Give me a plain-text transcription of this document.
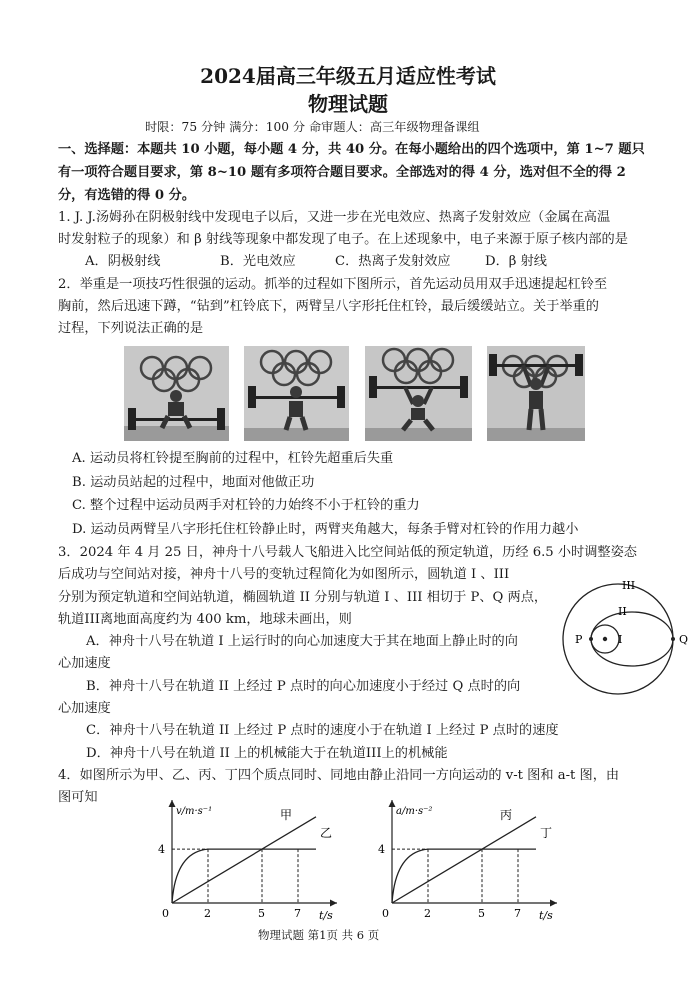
2024届高三年级五月适应性考试
物理试题
时限：75 分钟 满分：100 分 命审题人：高三年级物理备课组
一、选择题：本题共 10 小题，每小题 4 分，共 40 分。在每小题给出的四个选项中，第 1~7 题只
有一项符合题目要求，第 8~10 题有多项符合题目要求。全部选对的得 4 分，选对但不全的得 2
分，有选错的得 0 分。
1. J. J.汤姆孙在阴极射线中发现电子以后，又进一步在光电效应、热离子发射效应（金属在高温
时发射粒子的现象）和 β 射线等现象中都发现了电子。在上述现象中，电子来源于原子核内部的是
A．阴极射线	B．光电效应	C．热离子发射效应	D．β 射线
2．举重是一项技巧性很强的运动。抓举的过程如下图所示，首先运动员用双手迅速提起杠铃至
胸前，然后迅速下蹲，“钻到”杠铃底下，两臂呈八字形托住杠铃，最后缓缓站立。关于举重的
过程，下列说法正确的是
A. 运动员将杠铃提至胸前的过程中，杠铃先超重后失重
B. 运动员站起的过程中，地面对他做正功
C. 整个过程中运动员两手对杠铃的力始终不小于杠铃的重力
D. 运动员两臂呈八字形托住杠铃静止时，两臂夹角越大，每条手臂对杠铃的作用力越小
3．2024 年 4 月 25 日，神舟十八号载人飞船进入比空间站低的预定轨道，历经 6.5 小时调整姿态
后成功与空间站对接，神舟十八号的变轨过程简化为如图所示，圆轨道 I 、III
分别为预定轨道和空间站轨道，椭圆轨道 II 分别与轨道 I 、III 相切于 P、Q 两点，
轨道III离地面高度约为 400 km，地球未画出，则
A．神舟十八号在轨道 I 上运行时的向心加速度大于其在地面上静止时的向
心加速度
B．神舟十八号在轨道 II 上经过 P 点时的向心加速度小于经过 Q 点时的向
心加速度
C．神舟十八号在轨道 II 上经过 P 点时的速度小于在轨道 I 上经过 P 点时的速度
D．神舟十八号在轨道 II 上的机械能大于在轨道III上的机械能
III
II
I
P	Q
4．如图所示为甲、乙、丙、丁四个质点同时、同地由静止沿同一方向运动的 v-t 图和 a-t 图，由
图可知
甲
乙
0	2	5	7
4
v/m·s⁻¹
t/s
丙
丁
0	2	5	7
4
a/m·s⁻²
t/s
物理试题 第1页 共 6 页
